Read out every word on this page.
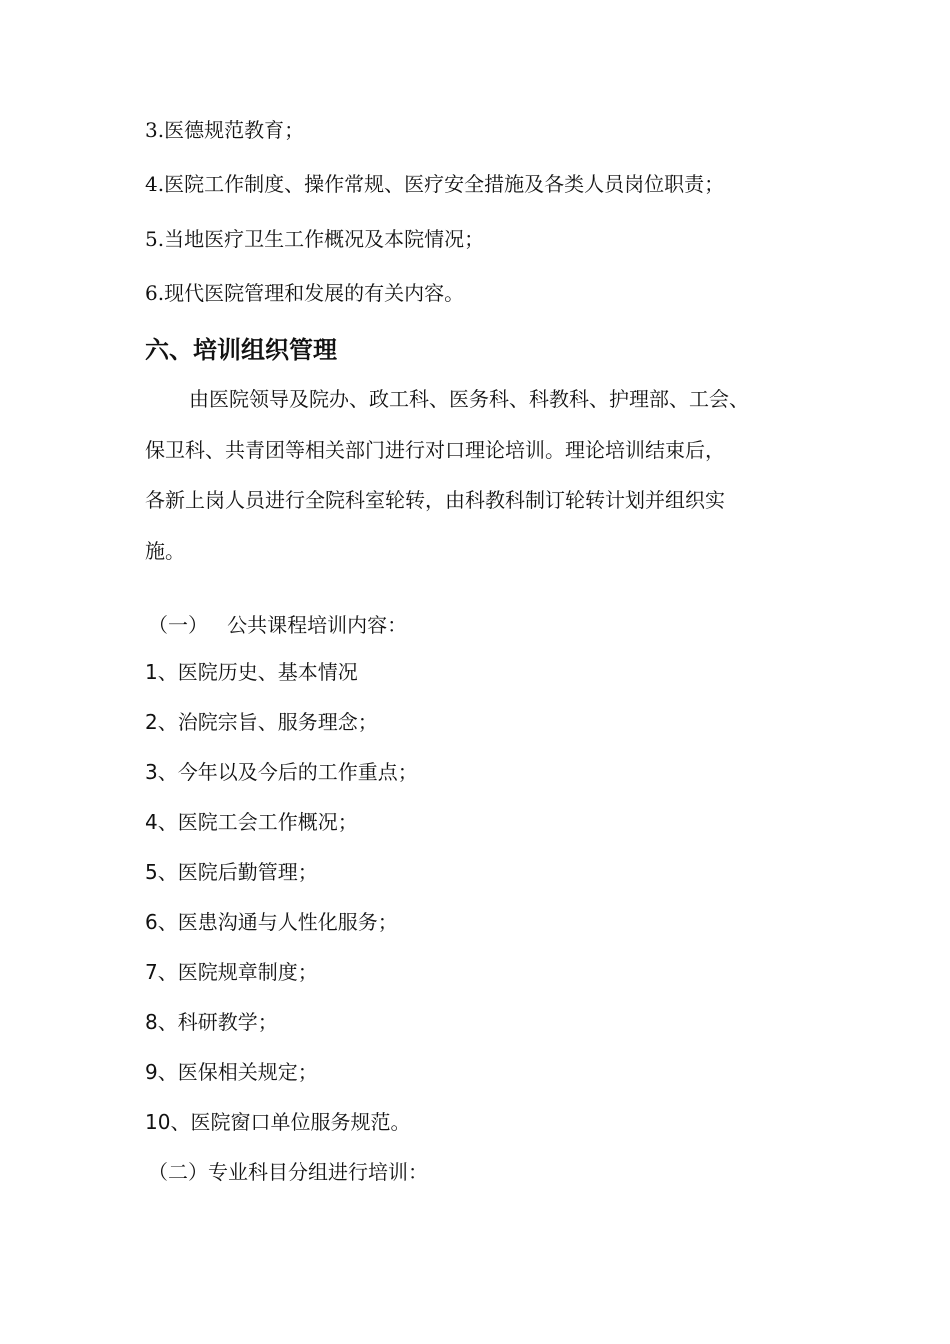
3.医德规范教育；
4.医院工作制度、操作常规、医疗安全措施及各类人员岗位职责；
5.当地医疗卫生工作概况及本院情况；
6.现代医院管理和发展的有关内容。
六、培训组织管理
由医院领导及院办、政工科、医务科、科教科、护理部、工会、
保卫科、共青团等相关部门进行对口理论培训。理论培训结束后，
各新上岗人员进行全院科室轮转，由科教科制订轮转计划并组织实
施。
（一）   公共课程培训内容：
1、医院历史、基本情况
2、治院宗旨、服务理念；
3、今年以及今后的工作重点；
4、医院工会工作概况；
5、医院后勤管理；
6、医患沟通与人性化服务；
7、医院规章制度；
8、科研教学；
9、医保相关规定；
10、医院窗口单位服务规范。
（二）专业科目分组进行培训：
